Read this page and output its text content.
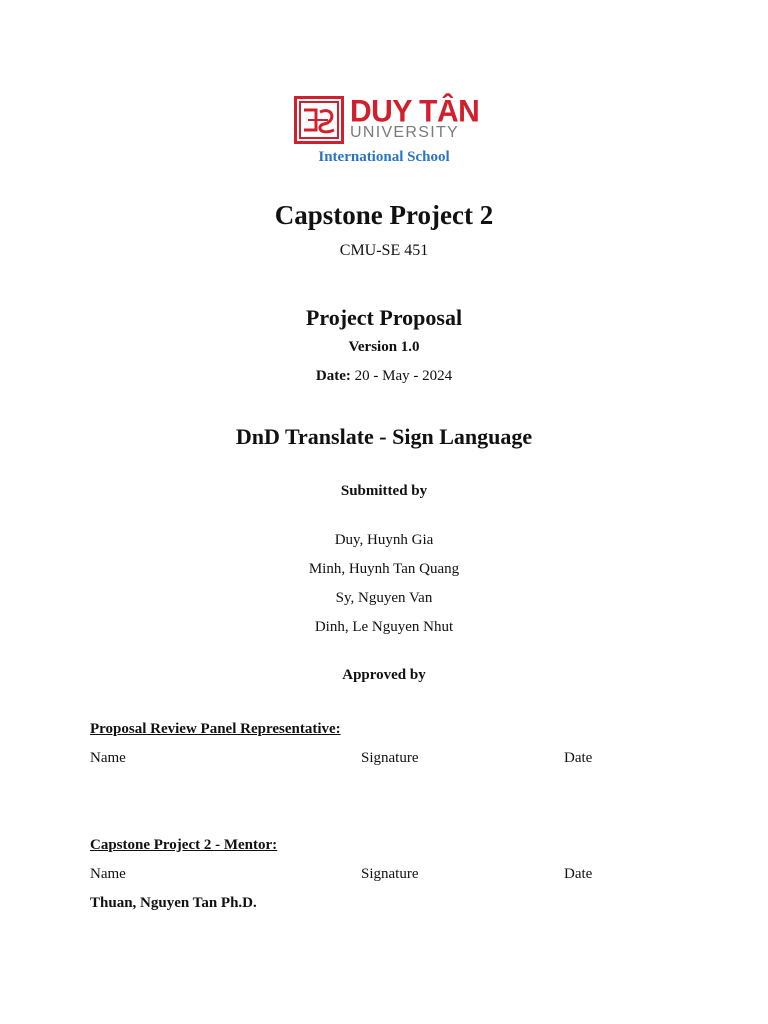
DUY TÂN
UNIVERSITY
International School
Capstone Project 2
CMU-SE 451
Project Proposal
Version 1.0
Date: 20 - May - 2024
DnD Translate - Sign Language
Submitted by
Duy, Huynh Gia
Minh, Huynh Tan Quang
Sy, Nguyen Van
Dinh, Le Nguyen Nhut
Approved by
Proposal Review Panel Representative:
Name	Signature	Date
Capstone Project 2 - Mentor:
Name	Signature	Date
Thuan, Nguyen Tan Ph.D.
